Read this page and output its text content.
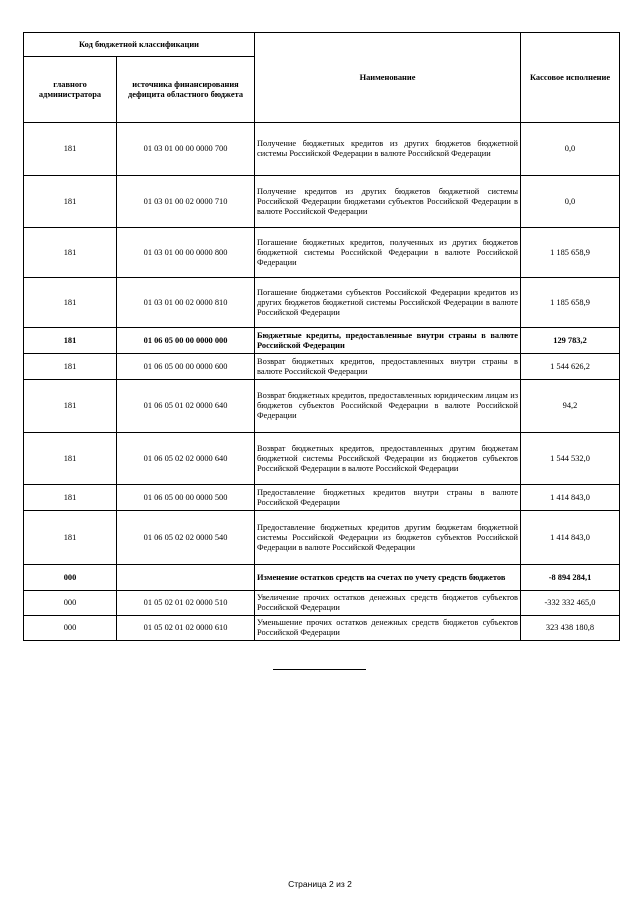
Код бюджетной классификации		Наименование	Кассовое исполнение
главного администратора	источника финансирования дефицита областного бюджета		
181	01 03 01 00 00 0000 700	Получение бюджетных кредитов из других бюджетов бюджетной системы Российской Федерации в валюте Российской Федерации	0,0
181	01 03 01 00 02 0000 710	Получение кредитов из других бюджетов бюджетной системы Российской Федерации бюджетами субъектов Российской Федерации в валюте Российской Федерации	0,0
181	01 03 01 00 00 0000 800	Погашение бюджетных кредитов, полученных из других бюджетов бюджетной системы Российской Федерации в валюте Российской Федерации	1 185 658,9
181	01 03 01 00 02 0000 810	Погашение бюджетами субъектов Российской Федерации кредитов из других бюджетов бюджетной системы Российской Федерации в валюте Российской Федерации	1 185 658,9
181	01 06 05 00 00 0000 000	Бюджетные кредиты, предоставленные внутри страны в валюте Российской Федерации	129 783,2
181	01 06 05 00 00 0000 600	Возврат бюджетных кредитов, предоставленных внутри страны в валюте Российской Федерации	1 544 626,2
181	01 06 05 01 02 0000 640	Возврат бюджетных кредитов, предоставленных юридическим лицам из бюджетов субъектов Российской Федерации в валюте Российской Федерации	94,2
181	01 06 05 02 02 0000 640	Возврат бюджетных кредитов, предоставленных другим бюджетам бюджетной системы Российской Федерации из бюджетов субъектов Российской Федерации в валюте Российской Федерации	1 544 532,0
181	01 06 05 00 00 0000 500	Предоставление бюджетных кредитов внутри страны в валюте Российской Федерации	1 414 843,0
181	01 06 05 02 02 0000 540	Предоставление бюджетных кредитов другим бюджетам бюджетной системы Российской Федерации из бюджетов субъектов Российской Федерации в валюте Российской Федерации	1 414 843,0
000		Изменение остатков средств на счетах по учету средств бюджетов	-8 894 284,1
000	01 05 02 01 02 0000 510	Увеличение прочих остатков денежных средств бюджетов субъектов Российской Федерации	-332 332 465,0
000	01 05 02 01 02 0000 610	Уменьшение прочих остатков денежных средств бюджетов субъектов Российской Федерации	323 438 180,8
Страница 2 из 2
